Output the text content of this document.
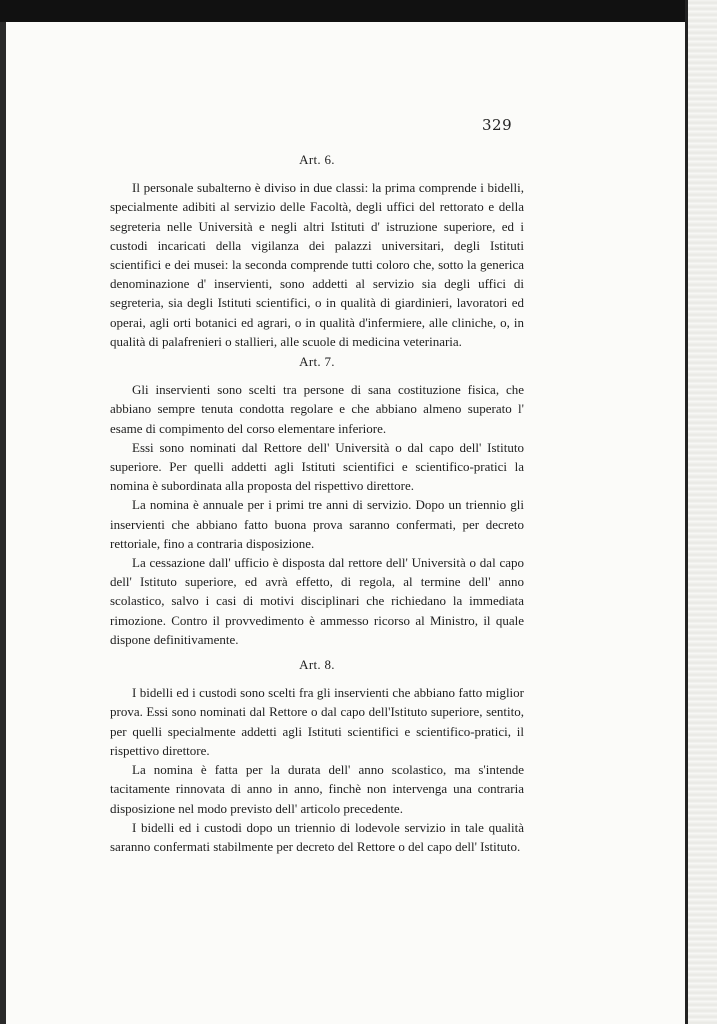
329
Art. 6.

Il personale subalterno è diviso in due classi: la prima comprende i bidelli, specialmente adibiti al servizio delle Facoltà, degli uffici del rettorato e della segreteria nelle Università e negli altri Istituti d' istruzione superiore, ed i custodi incaricati della vigilanza dei palazzi universitari, degli Istituti scientifici e dei musei: la seconda comprende tutti coloro che, sotto la generica denominazione d' inservienti, sono addetti al servizio sia degli uffici di segreteria, sia degli Istituti scientifici, o in qualità di giardinieri, lavoratori ed operai, agli orti botanici ed agrari, o in qualità d'infermiere, alle cliniche, o, in qualità di palafrenieri o stallieri, alle scuole di medicina veterinaria.

Art. 7.

Gli inservienti sono scelti tra persone di sana costituzione fisica, che abbiano sempre tenuta condotta regolare e che abbiano almeno superato l' esame di compimento del corso elementare inferiore.

Essi sono nominati dal Rettore dell' Università o dal capo dell' Istituto superiore. Per quelli addetti agli Istituti scientifici e scientifico-pratici la nomina è subordinata alla proposta del rispettivo direttore.

La nomina è annuale per i primi tre anni di servizio. Dopo un triennio gli inservienti che abbiano fatto buona prova saranno confermati, per decreto rettoriale, fino a contraria disposizione.

La cessazione dall' ufficio è disposta dal rettore dell' Università o dal capo dell' Istituto superiore, ed avrà effetto, di regola, al termine dell' anno scolastico, salvo i casi di motivi disciplinari che richiedano la immediata rimozione. Contro il provvedimento è ammesso ricorso al Ministro, il quale dispone definitivamente.

Art. 8.

I bidelli ed i custodi sono scelti fra gli inservienti che abbiano fatto miglior prova. Essi sono nominati dal Rettore o dal capo dell'Istituto superiore, sentito, per quelli specialmente addetti agli Istituti scientifici e scientifico-pratici, il rispettivo direttore.

La nomina è fatta per la durata dell' anno scolastico, ma s'intende tacitamente rinnovata di anno in anno, finchè non intervenga una contraria disposizione nel modo previsto dell' articolo precedente.

I bidelli ed i custodi dopo un triennio di lodevole servizio in tale qualità saranno confermati stabilmente per decreto del Rettore o del capo dell' Istituto.
